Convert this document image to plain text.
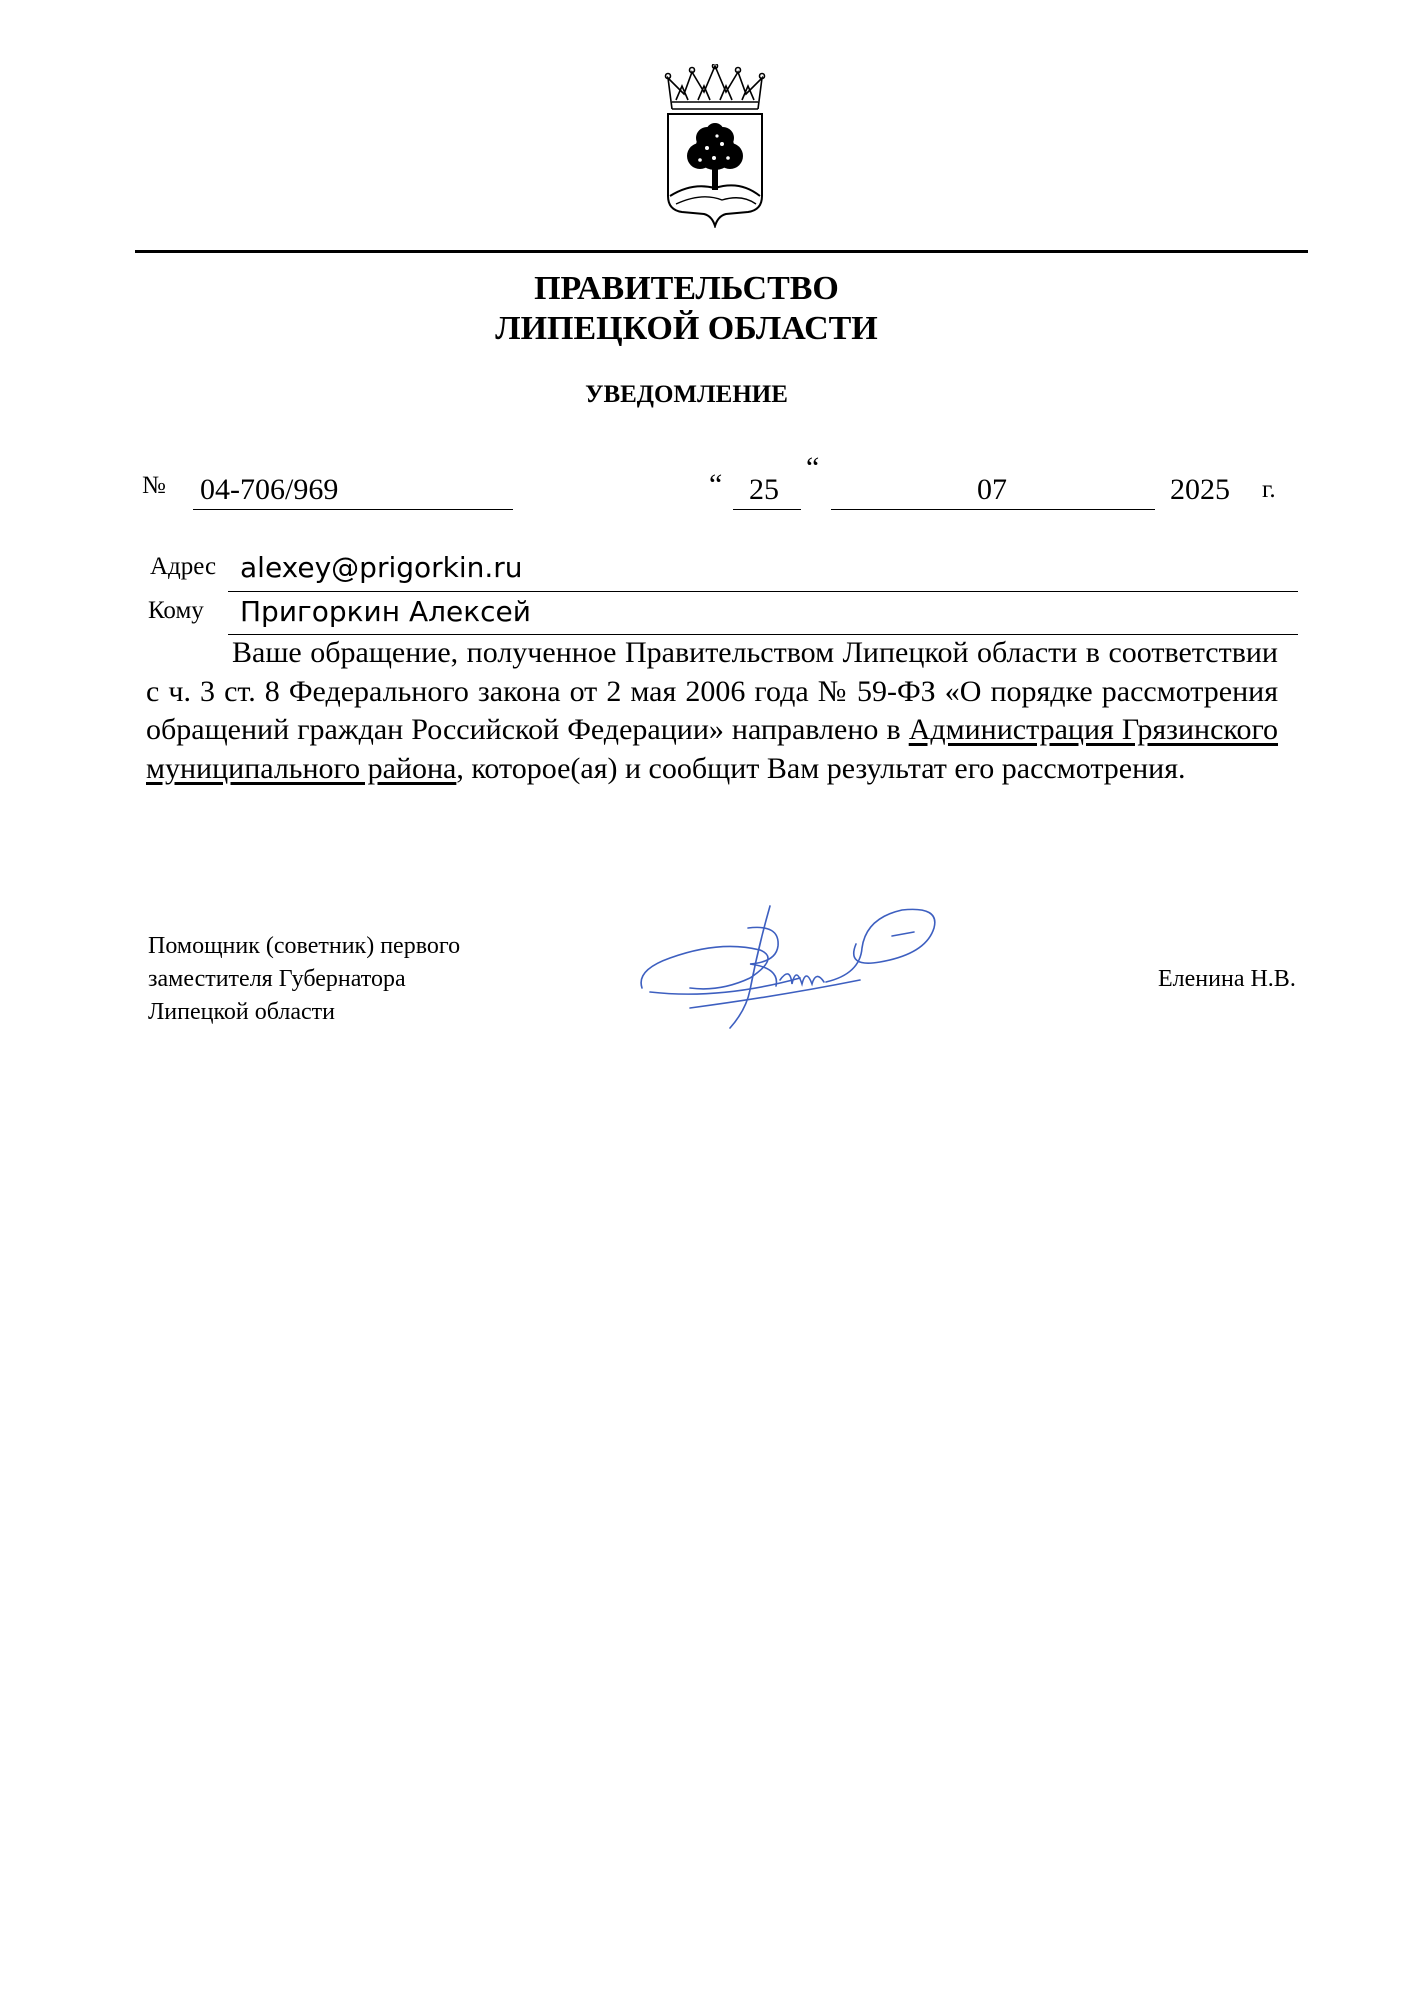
ПРАВИТЕЛЬСТВО
ЛИПЕЦКОЙ ОБЛАСТИ
УВЕДОМЛЕНИЕ
№ 04-706/969	“ 25
“
07	2025 г.
Адрес alexey@prigorkin.ru
Кому Пригоркин Алексей

Ваше обращение, полученное Правительством Липецкой области в соответствии с ч. 3 ст. 8 Федерального закона от 2 мая 2006 года № 59-ФЗ «О порядке рассмотрения обращений граждан Российской Федерации» направлено в Администрация Грязинского муниципального района, которое(ая) и сообщит Вам результат его рассмотрения.

Помощник (советник) первого
заместителя Губернатора
Липецкой области
Еленина Н.В.
